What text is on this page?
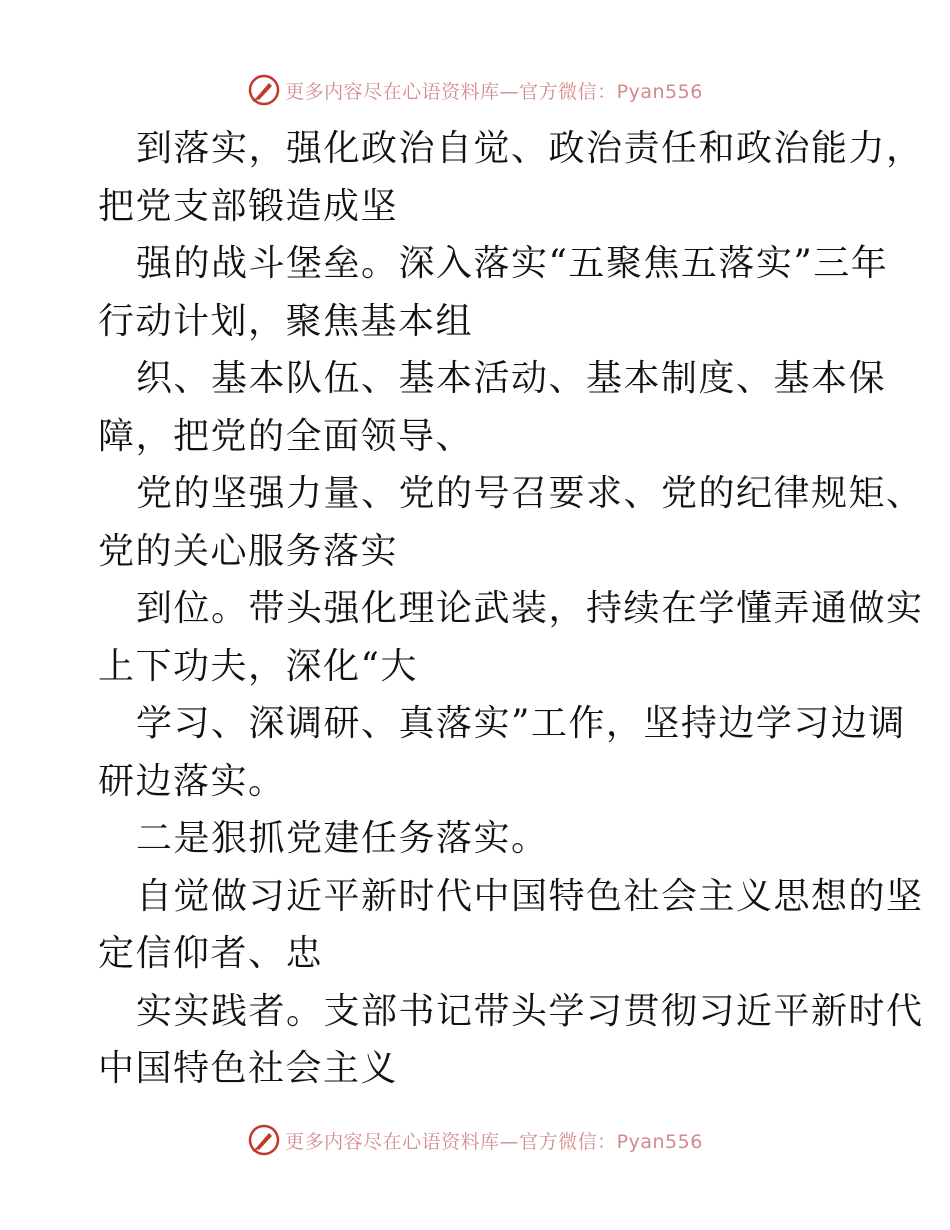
更多内容尽在心语资料库—官方微信：Pyan556
到落实，强化政治自觉、政治责任和政治能力，
把党支部锻造成坚
强的战斗堡垒。深入落实“五聚焦五落实”三年
行动计划，聚焦基本组
织、基本队伍、基本活动、基本制度、基本保
障，把党的全面领导、
党的坚强力量、党的号召要求、党的纪律规矩、
党的关心服务落实
到位。带头强化理论武装，持续在学懂弄通做实
上下功夫，深化“大
学习、深调研、真落实”工作，坚持边学习边调
研边落实。
二是狠抓党建任务落实。
自觉做习近平新时代中国特色社会主义思想的坚
定信仰者、忠
实实践者。支部书记带头学习贯彻习近平新时代
中国特色社会主义
更多内容尽在心语资料库—官方微信：Pyan556
